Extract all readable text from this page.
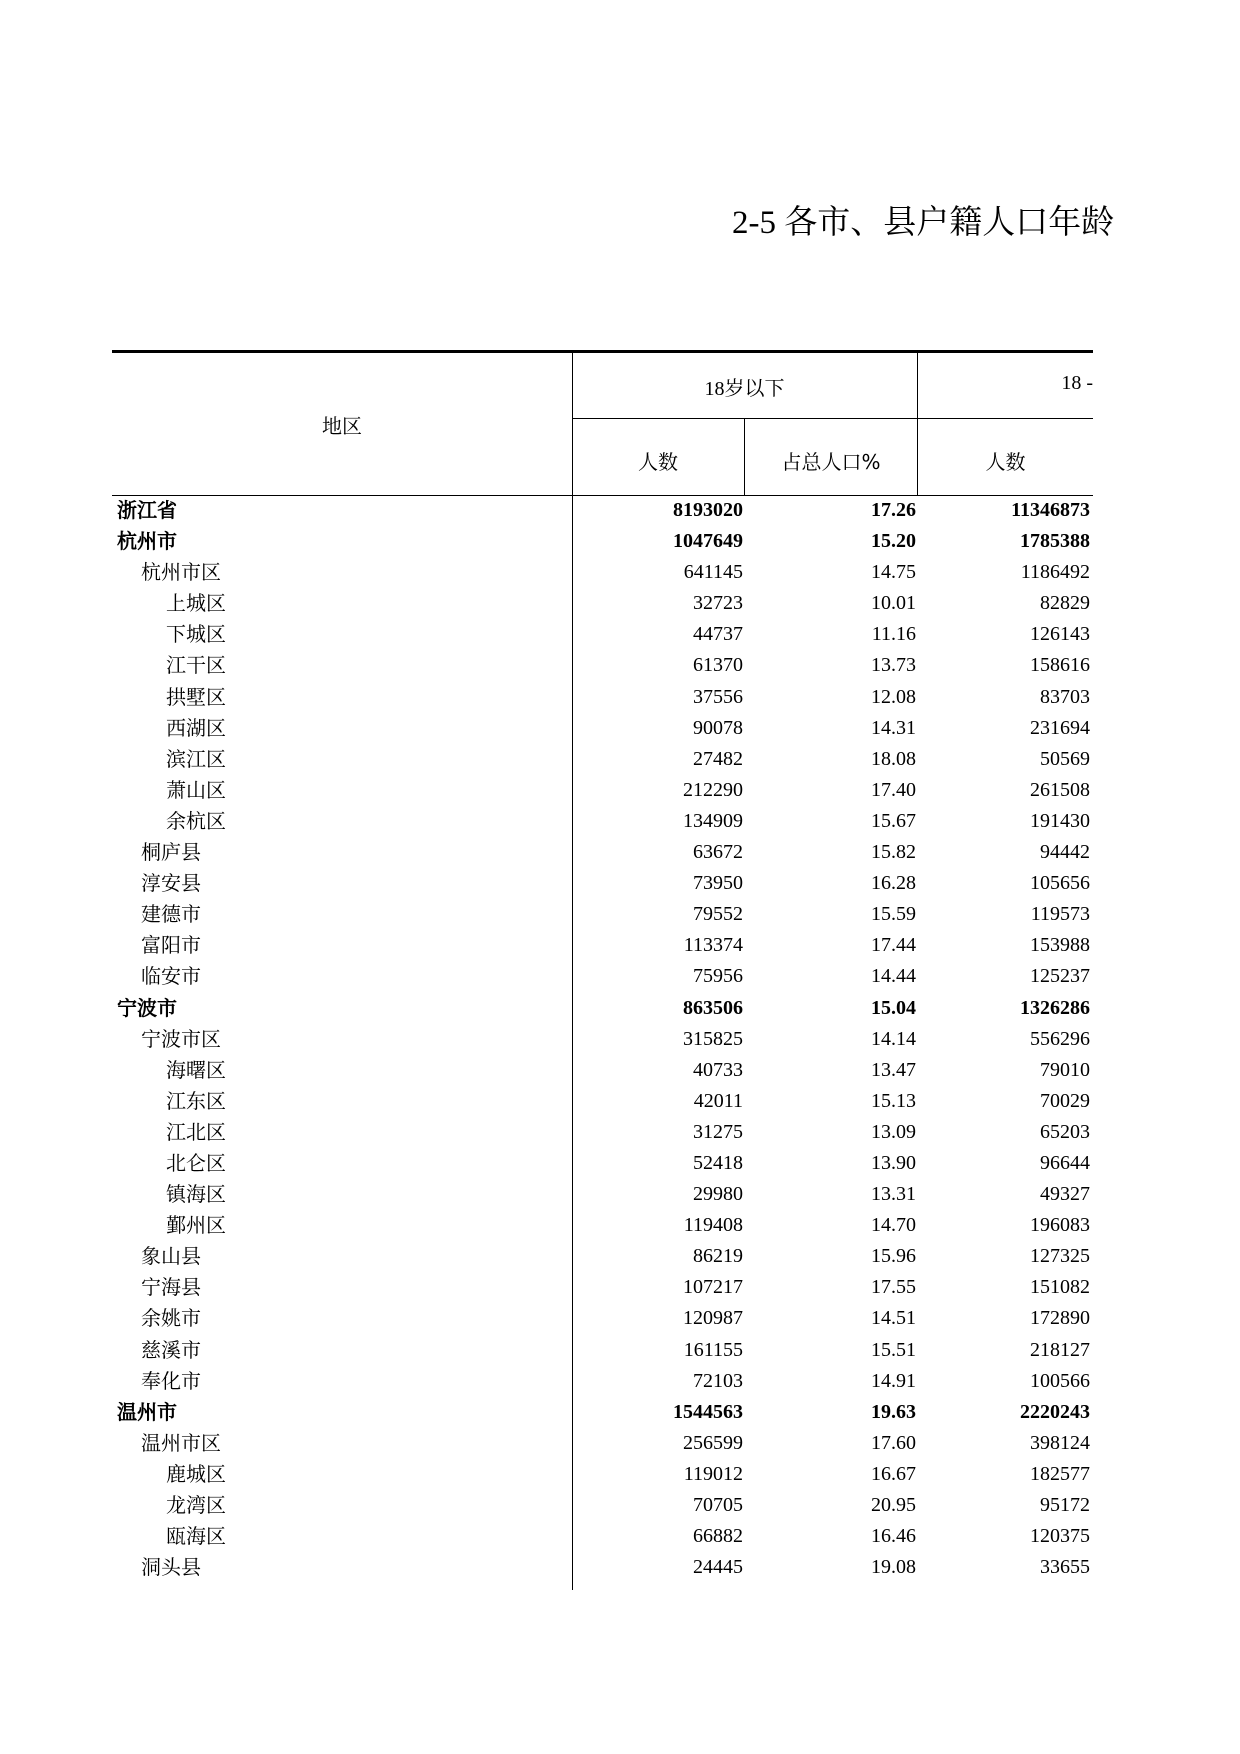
2-5 各市、县户籍人口年龄
地区
18岁以下	18 -
人数	占总人口%	人数
浙江省	8193020	17.26	11346873
杭州市	1047649	15.20	1785388
杭州市区	641145	14.75	1186492
上城区	32723	10.01	82829
下城区	44737	11.16	126143
江干区	61370	13.73	158616
拱墅区	37556	12.08	83703
西湖区	90078	14.31	231694
滨江区	27482	18.08	50569
萧山区	212290	17.40	261508
余杭区	134909	15.67	191430
桐庐县	63672	15.82	94442
淳安县	73950	16.28	105656
建德市	79552	15.59	119573
富阳市	113374	17.44	153988
临安市	75956	14.44	125237
宁波市	863506	15.04	1326286
宁波市区	315825	14.14	556296
海曙区	40733	13.47	79010
江东区	42011	15.13	70029
江北区	31275	13.09	65203
北仑区	52418	13.90	96644
镇海区	29980	13.31	49327
鄞州区	119408	14.70	196083
象山县	86219	15.96	127325
宁海县	107217	17.55	151082
余姚市	120987	14.51	172890
慈溪市	161155	15.51	218127
奉化市	72103	14.91	100566
温州市	1544563	19.63	2220243
温州市区	256599	17.60	398124
鹿城区	119012	16.67	182577
龙湾区	70705	20.95	95172
瓯海区	66882	16.46	120375
洞头县	24445	19.08	33655
